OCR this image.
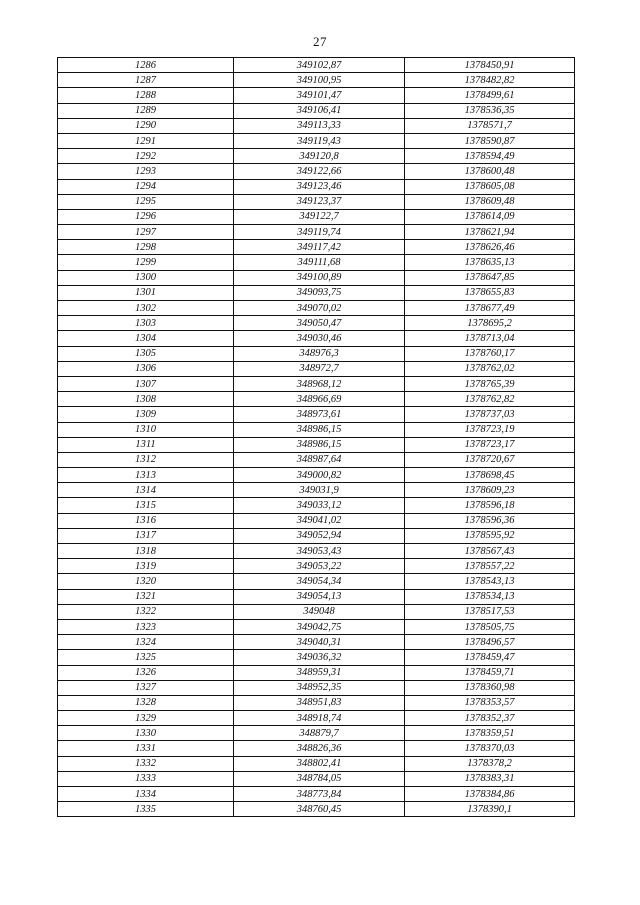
27
1286	349102,87	1378450,91
1287	349100,95	1378482,82
1288	349101,47	1378499,61
1289	349106,41	1378536,35
1290	349113,33	1378571,7
1291	349119,43	1378590,87
1292	349120,8	1378594,49
1293	349122,66	1378600,48
1294	349123,46	1378605,08
1295	349123,37	1378609,48
1296	349122,7	1378614,09
1297	349119,74	1378621,94
1298	349117,42	1378626,46
1299	349111,68	1378635,13
1300	349100,89	1378647,85
1301	349093,75	1378655,83
1302	349070,02	1378677,49
1303	349050,47	1378695,2
1304	349030,46	1378713,04
1305	348976,3	1378760,17
1306	348972,7	1378762,02
1307	348968,12	1378765,39
1308	348966,69	1378762,82
1309	348973,61	1378737,03
1310	348986,15	1378723,19
1311	348986,15	1378723,17
1312	348987,64	1378720,67
1313	349000,82	1378698,45
1314	349031,9	1378609,23
1315	349033,12	1378596,18
1316	349041,02	1378596,36
1317	349052,94	1378595,92
1318	349053,43	1378567,43
1319	349053,22	1378557,22
1320	349054,34	1378543,13
1321	349054,13	1378534,13
1322	349048	1378517,53
1323	349042,75	1378505,75
1324	349040,31	1378496,57
1325	349036,32	1378459,47
1326	348959,31	1378459,71
1327	348952,35	1378360,98
1328	348951,83	1378353,57
1329	348918,74	1378352,37
1330	348879,7	1378359,51
1331	348826,36	1378370,03
1332	348802,41	1378378,2
1333	348784,05	1378383,31
1334	348773,84	1378384,86
1335	348760,45	1378390,1
